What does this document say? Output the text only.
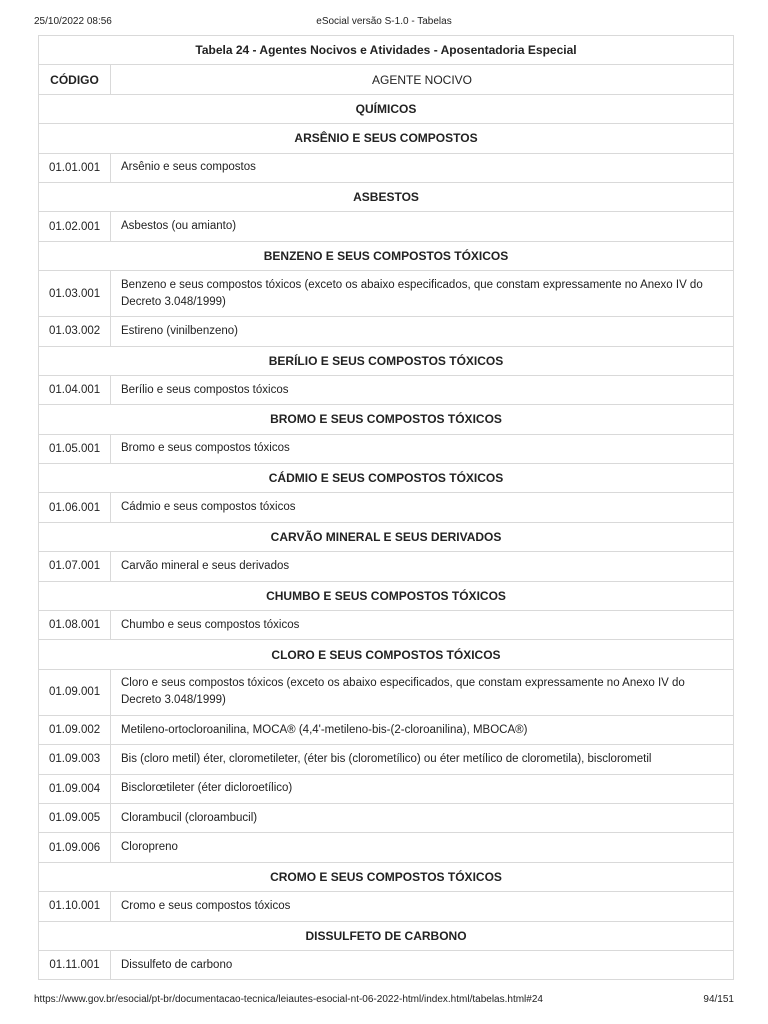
25/10/2022 08:56	eSocial versão S-1.0 - Tabelas
Tabela 24 - Agentes Nocivos e Atividades - Aposentadoria Especial	
CÓDIGO	AGENTE NOCIVO
QUÍMICOS	
ARSÊNIO E SEUS COMPOSTOS	
01.01.001	Arsênio e seus compostos
ASBESTOS	
01.02.001	Asbestos (ou amianto)
BENZENO E SEUS COMPOSTOS TÓXICOS	
01.03.001	Benzeno e seus compostos tóxicos (exceto os abaixo especificados, que constam expressamente no Anexo IV do Decreto 3.048/1999)
01.03.002	Estireno (vinilbenzeno)
BERÍLIO E SEUS COMPOSTOS TÓXICOS	
01.04.001	Berílio e seus compostos tóxicos
BROMO E SEUS COMPOSTOS TÓXICOS	
01.05.001	Bromo e seus compostos tóxicos
CÁDMIO E SEUS COMPOSTOS TÓXICOS	
01.06.001	Cádmio e seus compostos tóxicos
CARVÃO MINERAL E SEUS DERIVADOS	
01.07.001	Carvão mineral e seus derivados
CHUMBO E SEUS COMPOSTOS TÓXICOS	
01.08.001	Chumbo e seus compostos tóxicos
CLORO E SEUS COMPOSTOS TÓXICOS	
01.09.001	Cloro e seus compostos tóxicos (exceto os abaixo especificados, que constam expressamente no Anexo IV do Decreto 3.048/1999)
01.09.002	Metileno-ortocloroanilina, MOCA® (4,4'-metileno-bis-(2-cloroanilina), MBOCA®)
01.09.003	Bis (cloro metil) éter, clorometileter, (éter bis (clorometílico) ou éter metílico de clorometila), bisclorometil
01.09.004	Bisclorœtileter (éter dicloroetílico)
01.09.005	Clorambucil (cloroambucil)
01.09.006	Cloropreno
CROMO E SEUS COMPOSTOS TÓXICOS	
01.10.001	Cromo e seus compostos tóxicos
DISSULFETO DE CARBONO	
01.11.001	Dissulfeto de carbono
https://www.gov.br/esocial/pt-br/documentacao-tecnica/leiautes-esocial-nt-06-2022-html/index.html/tabelas.html#24	94/151
